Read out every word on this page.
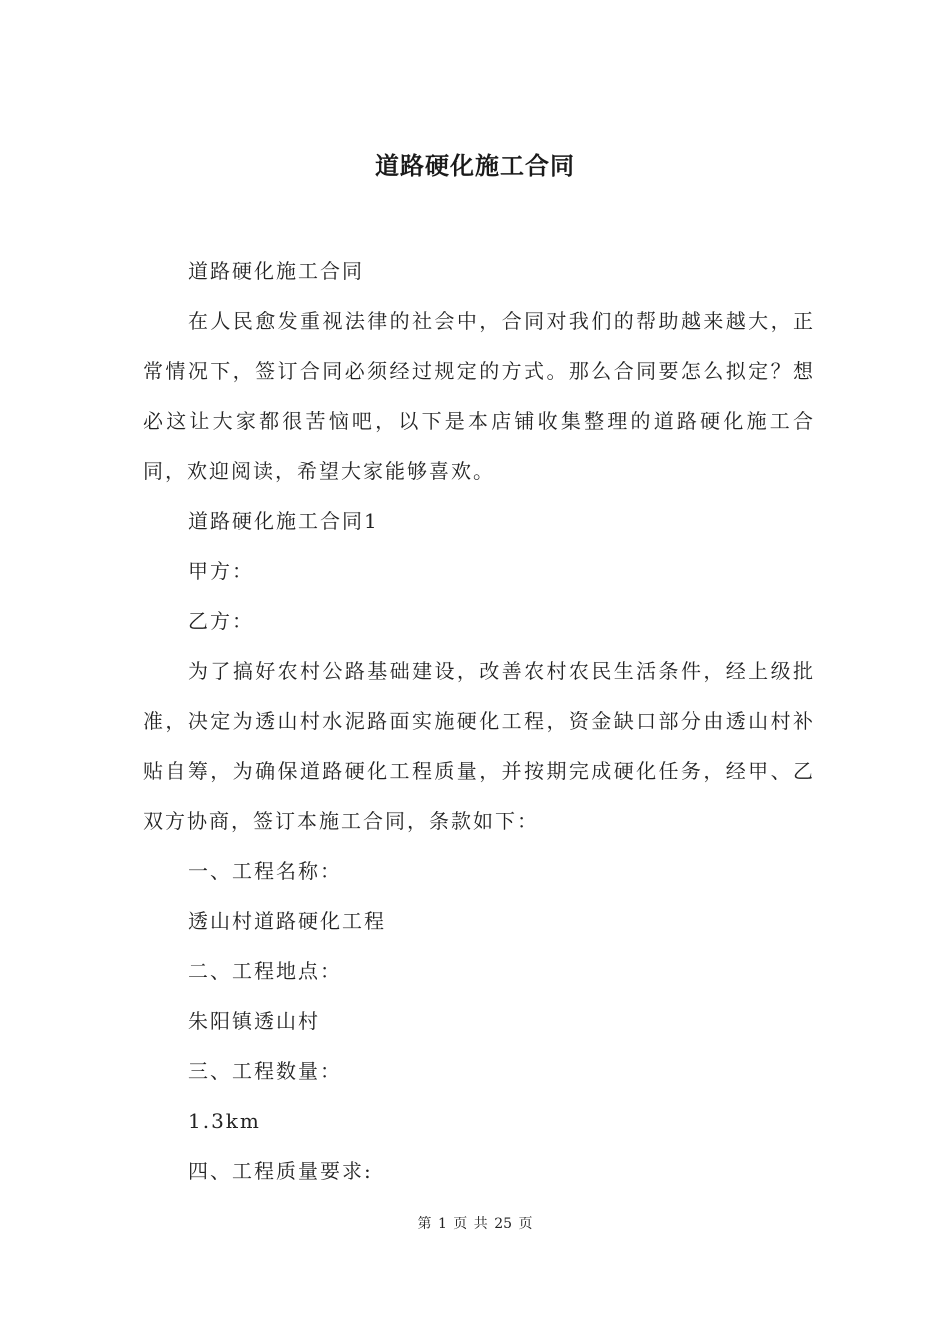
道路硬化施工合同

道路硬化施工合同

在人民愈发重视法律的社会中，合同对我们的帮助越来越大，正常情况下，签订合同必须经过规定的方式。那么合同要怎么拟定？想必这让大家都很苦恼吧，以下是本店铺收集整理的道路硬化施工合同，欢迎阅读，希望大家能够喜欢。

道路硬化施工合同1

甲方：

乙方：

为了搞好农村公路基础建设，改善农村农民生活条件，经上级批准，决定为透山村水泥路面实施硬化工程，资金缺口部分由透山村补贴自筹，为确保道路硬化工程质量，并按期完成硬化任务，经甲、乙双方协商，签订本施工合同，条款如下：

一、工程名称：

透山村道路硬化工程

二、工程地点：

朱阳镇透山村

三、工程数量：

1.3km

四、工程质量要求:

第 1 页 共 25 页
